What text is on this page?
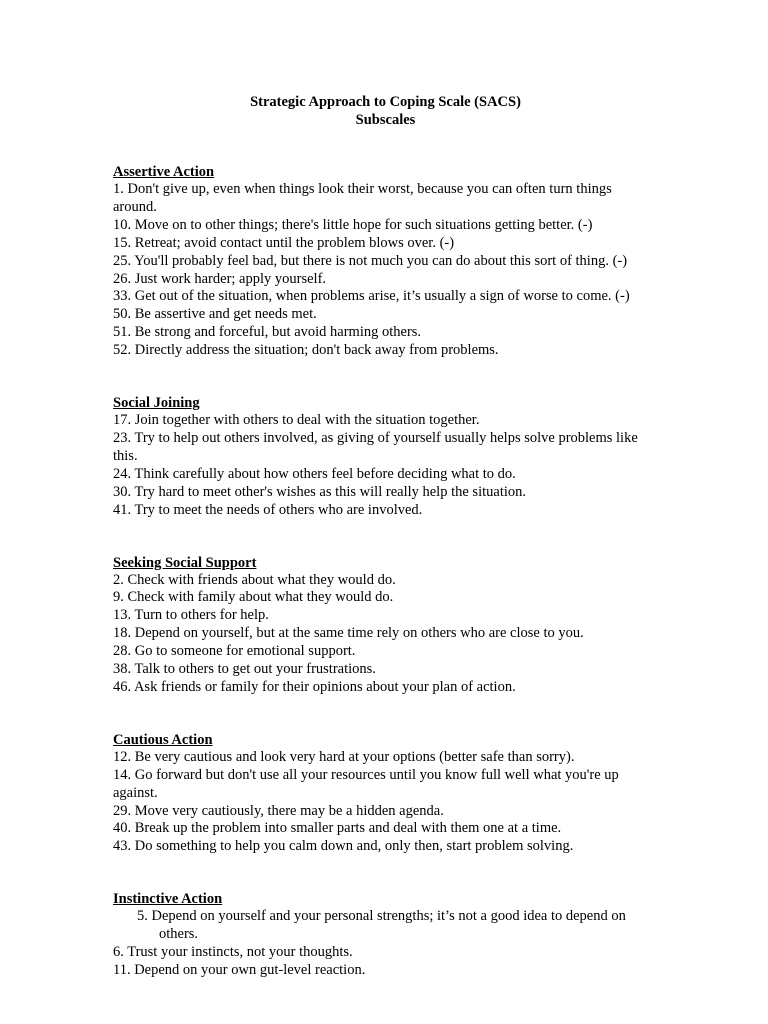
Strategic Approach to Coping Scale (SACS)

Subscales

Assertive Action

1. Don't give up, even when things look their worst, because you can often turn things around.

10. Move on to other things; there's little hope for such situations getting better. (-)

15. Retreat; avoid contact until the problem blows over. (-)

25. You'll probably feel bad, but there is not much you can do about this sort of thing. (-)

26. Just work harder; apply yourself.

33. Get out of the situation, when problems arise, it’s usually a sign of worse to come. (-)

50. Be assertive and get needs met.

51. Be strong and forceful, but avoid harming others.

52. Directly address the situation; don't back away from problems.

Social Joining

17. Join together with others to deal with the situation together.

23. Try to help out others involved, as giving of yourself usually helps solve problems like this.

24. Think carefully about how others feel before deciding what to do.

30. Try hard to meet other's wishes as this will really help the situation.

41. Try to meet the needs of others who are involved.

Seeking Social Support

2. Check with friends about what they would do.

9. Check with family about what they would do.

13. Turn to others for help.

18. Depend on yourself, but at the same time rely on others who are close to you.

28. Go to someone for emotional support.

38. Talk to others to get out your frustrations.

46. Ask friends or family for their opinions about your plan of action.

Cautious Action

12. Be very cautious and look very hard at your options (better safe than sorry).

14. Go forward but don't use all your resources until you know full well what you're up against.

29. Move very cautiously, there may be a hidden agenda.

40. Break up the problem into smaller parts and deal with them one at a time.

43. Do something to help you calm down and, only then, start problem solving.

Instinctive Action

5. Depend on yourself and your personal strengths; it’s not a good idea to depend on others.

6. Trust your instincts, not your thoughts.

11. Depend on your own gut-level reaction.
